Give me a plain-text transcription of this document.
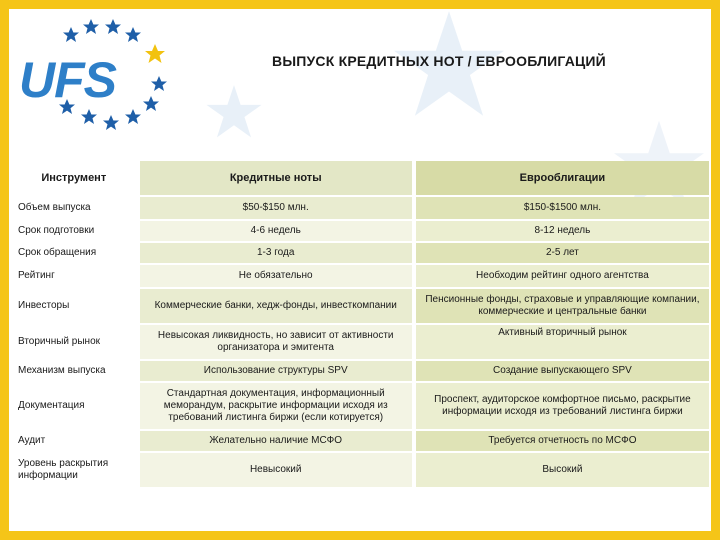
UFS	ВЫПУСК КРЕДИТНЫХ НОТ / ЕВРООБЛИГАЦИЙ
Инструмент	Кредитные ноты	Еврооблигации
Объем выпуска	$50-$150 млн.	$150-$1500 млн.
Срок подготовки	4-6 недель	8-12 недель
Срок обращения	1-3 года	2-5 лет
Рейтинг	Не обязательно	Необходим рейтинг одного агентства
Инвесторы	Коммерческие банки, хедж-фонды, инвесткомпании	Пенсионные фонды, страховые и управляющие компании, коммерческие и центральные банки
Вторичный рынок	Невысокая ликвидность, но зависит от активности организатора и эмитента	Активный вторичный рынок
Механизм выпуска	Использование структуры SPV	Создание выпускающего SPV
Документация	Стандартная документация, информационный меморандум, раскрытие информации исходя из требований листинга биржи (если котируется)	Проспект, аудиторское комфортное письмо, раскрытие информации исходя из требований листинга биржи
Аудит	Желательно наличие МСФО	Требуется отчетность по МСФО
Уровень раскрытия информации	Невысокий	Высокий
